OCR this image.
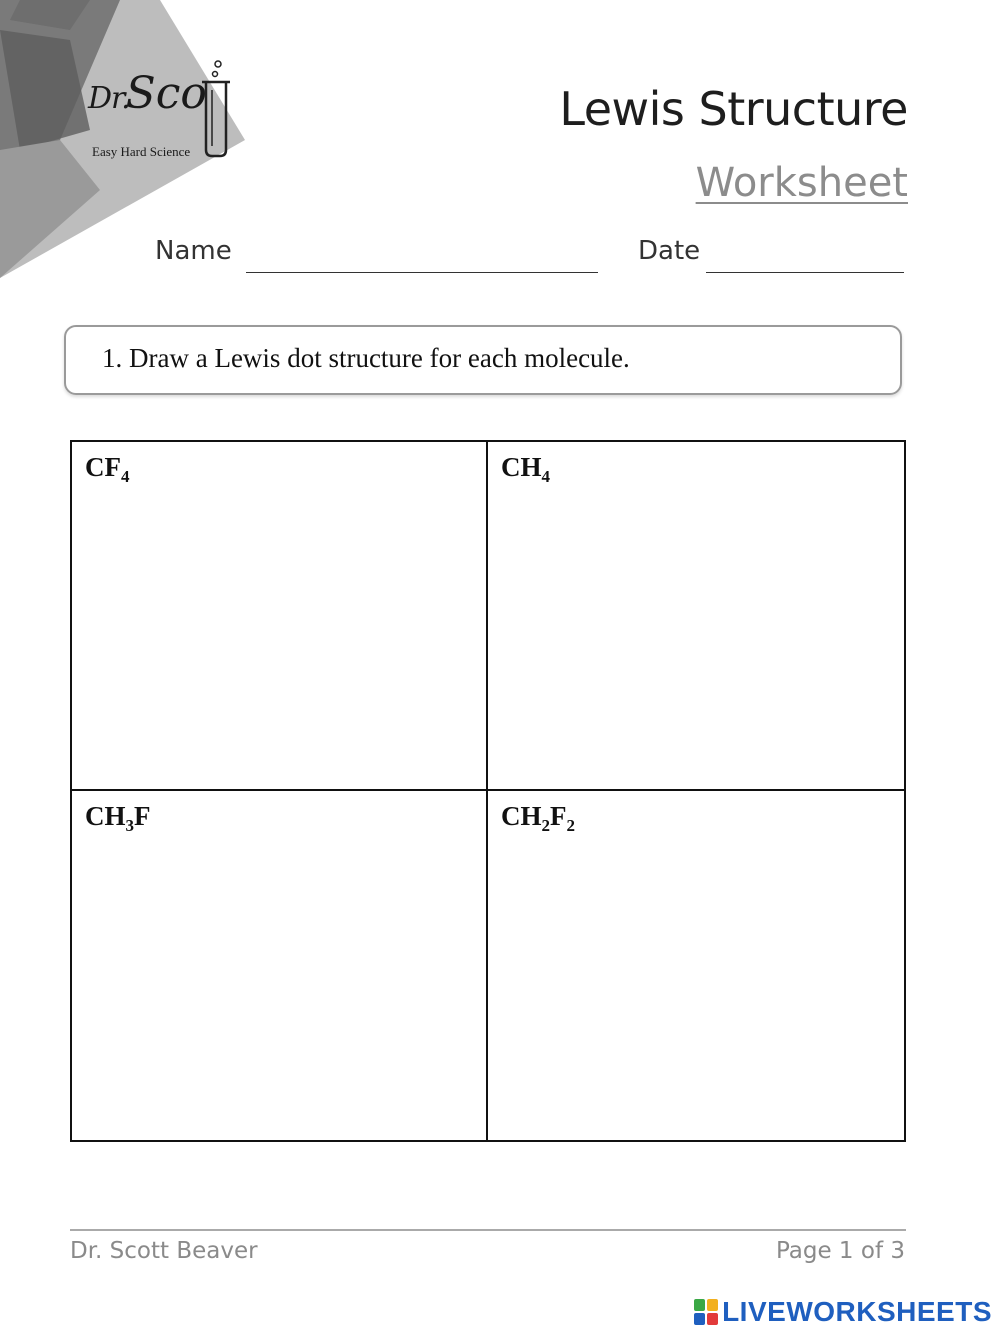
Dr.Sco
Easy Hard Science
Lewis Structure
Worksheet
Name	Date
1. Draw a Lewis dot structure for each molecule.
$CF_4$	$CH_4$
$CH_3F$	$CH_2F_2$
Dr. Scott Beaver	Page 1 of 3
LIVEWORKSHEETS
